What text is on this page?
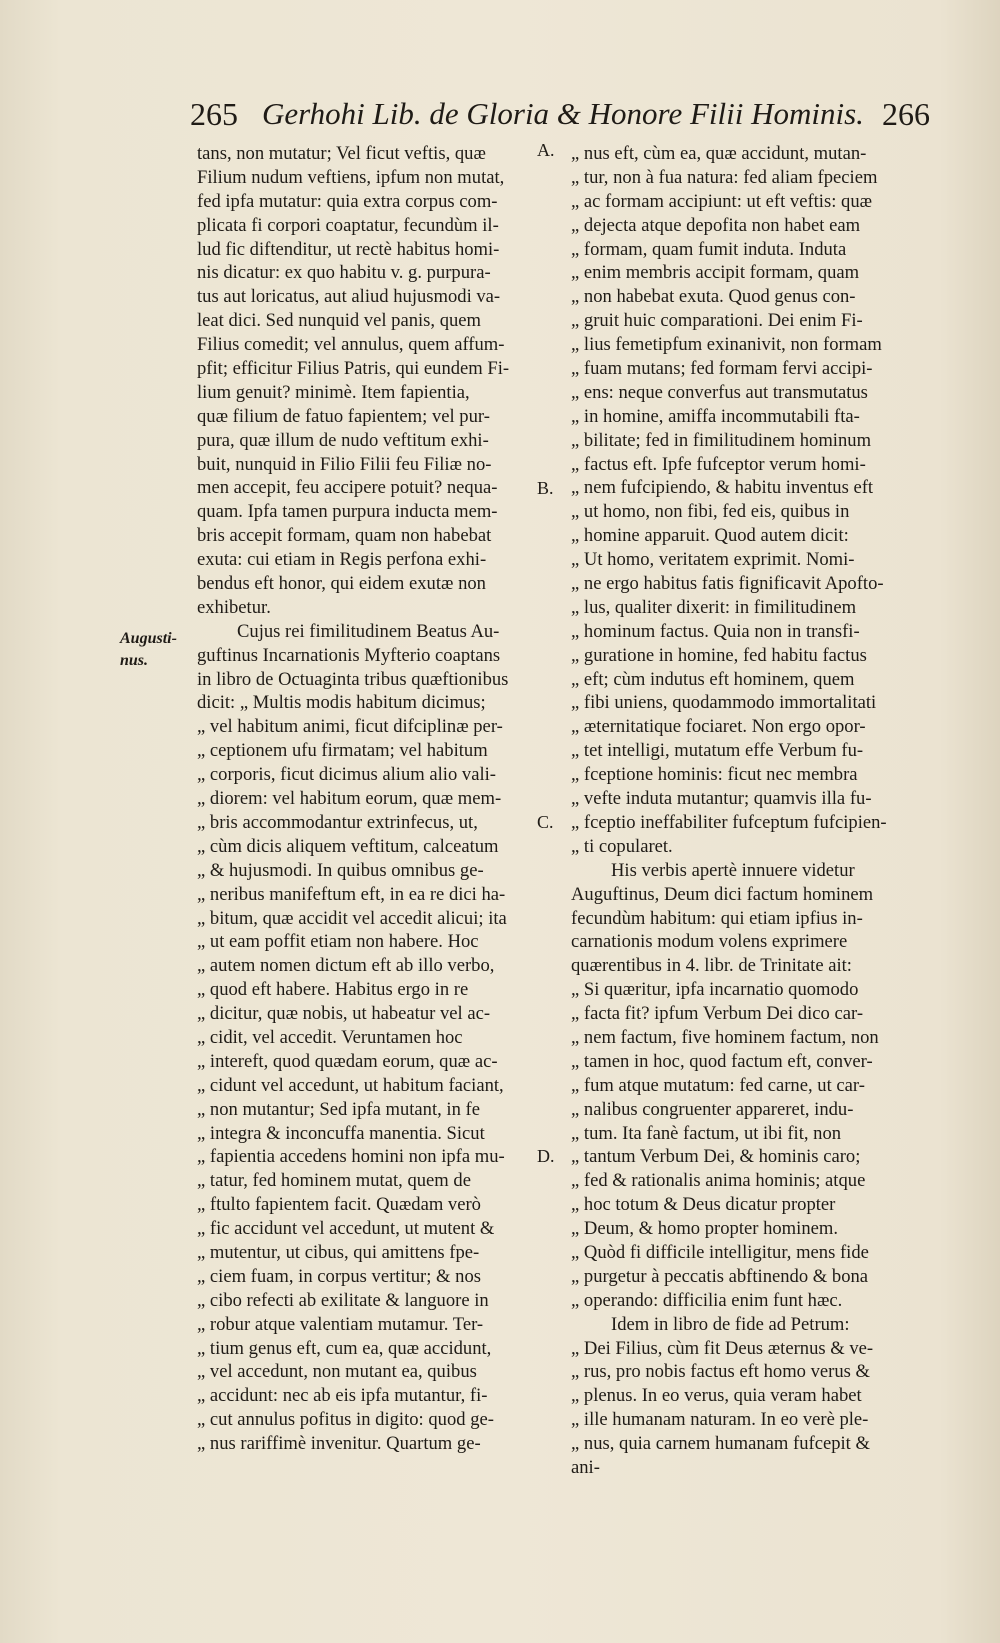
265 Gerhohi Lib. de Gloria & Honore Filii Hominis. 266
Augusti-
nus.
A.
B.
C.
D.
tans, non mutatur; Vel ficut veftis, quæ
Filium nudum veftiens, ipfum non mutat,
fed ipfa mutatur: quia extra corpus com-
plicata fi corpori coaptatur, fecundùm il-
lud fic diftenditur, ut rectè habitus homi-
nis dicatur: ex quo habitu v. g. purpura-
tus aut loricatus, aut aliud hujusmodi va-
leat dici. Sed nunquid vel panis, quem
Filius comedit; vel annulus, quem affum-
pfit; efficitur Filius Patris, qui eundem Fi-
lium genuit? minimè. Item fapientia,
quæ filium de fatuo fapientem; vel pur-
pura, quæ illum de nudo veftitum exhi-
buit, nunquid in Filio Filii feu Filiæ no-
men accepit, feu accipere potuit? nequa-
quam. Ipfa tamen purpura inducta mem-
bris accepit formam, quam non habebat
exuta: cui etiam in Regis perfona exhi-
bendus eft honor, qui eidem exutæ non
exhibetur.
Cujus rei fimilitudinem Beatus Au-
guftinus Incarnationis Myfterio coaptans
in libro de Octuaginta tribus quæftionibus
dicit: „ Multis modis habitum dicimus;
„ vel habitum animi, ficut difciplinæ per-
„ ceptionem ufu firmatam; vel habitum
„ corporis, ficut dicimus alium alio vali-
„ diorem: vel habitum eorum, quæ mem-
„ bris accommodantur extrinfecus, ut,
„ cùm dicis aliquem veftitum, calceatum
„ & hujusmodi. In quibus omnibus ge-
„ neribus manifeftum eft, in ea re dici ha-
„ bitum, quæ accidit vel accedit alicui; ita
„ ut eam poffit etiam non habere. Hoc
„ autem nomen dictum eft ab illo verbo,
„ quod eft habere. Habitus ergo in re
„ dicitur, quæ nobis, ut habeatur vel ac-
„ cidit, vel accedit. Veruntamen hoc
„ intereft, quod quædam eorum, quæ ac-
„ cidunt vel accedunt, ut habitum faciant,
„ non mutantur; Sed ipfa mutant, in fe
„ integra & inconcuffa manentia. Sicut
„ fapientia accedens homini non ipfa mu-
„ tatur, fed hominem mutat, quem de
„ ftulto fapientem facit. Quædam verò
„ fic accidunt vel accedunt, ut mutent &
„ mutentur, ut cibus, qui amittens fpe-
„ ciem fuam, in corpus vertitur; & nos
„ cibo refecti ab exilitate & languore in
„ robur atque valentiam mutamur. Ter-
„ tium genus eft, cum ea, quæ accidunt,
„ vel accedunt, non mutant ea, quibus
„ accidunt: nec ab eis ipfa mutantur, fi-
„ cut annulus pofitus in digito: quod ge-
„ nus rariffimè invenitur. Quartum ge-
„ nus eft, cùm ea, quæ accidunt, mutan-
„ tur, non à fua natura: fed aliam fpeciem
„ ac formam accipiunt: ut eft veftis: quæ
„ dejecta atque depofita non habet eam
„ formam, quam fumit induta. Induta
„ enim membris accipit formam, quam
„ non habebat exuta. Quod genus con-
„ gruit huic comparationi. Dei enim Fi-
„ lius femetipfum exinanivit, non formam
„ fuam mutans; fed formam fervi accipi-
„ ens: neque converfus aut transmutatus
„ in homine, amiffa incommutabili fta-
„ bilitate; fed in fimilitudinem hominum
„ factus eft. Ipfe fufceptor verum homi-
„ nem fufcipiendo, & habitu inventus eft
„ ut homo, non fibi, fed eis, quibus in
„ homine apparuit. Quod autem dicit:
„ Ut homo, veritatem exprimit. Nomi-
„ ne ergo habitus fatis fignificavit Apofto-
„ lus, qualiter dixerit: in fimilitudinem
„ hominum factus. Quia non in transfi-
„ guratione in homine, fed habitu factus
„ eft; cùm indutus eft hominem, quem
„ fibi uniens, quodammodo immortalitati
„ æternitatique fociaret. Non ergo opor-
„ tet intelligi, mutatum effe Verbum fu-
„ fceptione hominis: ficut nec membra
„ vefte induta mutantur; quamvis illa fu-
„ fceptio ineffabiliter fufceptum fufcipien-
„ ti copularet.
His verbis apertè innuere videtur
Auguftinus, Deum dici factum hominem
fecundùm habitum: qui etiam ipfius in-
carnationis modum volens exprimere
quærentibus in 4. libr. de Trinitate ait:
„ Si quæritur, ipfa incarnatio quomodo
„ facta fit? ipfum Verbum Dei dico car-
„ nem factum, five hominem factum, non
„ tamen in hoc, quod factum eft, conver-
„ fum atque mutatum: fed carne, ut car-
„ nalibus congruenter appareret, indu-
„ tum. Ita fanè factum, ut ibi fit, non
„ tantum Verbum Dei, & hominis caro;
„ fed & rationalis anima hominis; atque
„ hoc totum & Deus dicatur propter
„ Deum, & homo propter hominem.
„ Quòd fi difficile intelligitur, mens fide
„ purgetur à peccatis abftinendo & bona
„ operando: difficilia enim funt hæc.
Idem in libro de fide ad Petrum:
„ Dei Filius, cùm fit Deus æternus & ve-
„ rus, pro nobis factus eft homo verus &
„ plenus. In eo verus, quia veram habet
„ ille humanam naturam. In eo verè ple-
„ nus, quia carnem humanam fufcepit &
ani-
